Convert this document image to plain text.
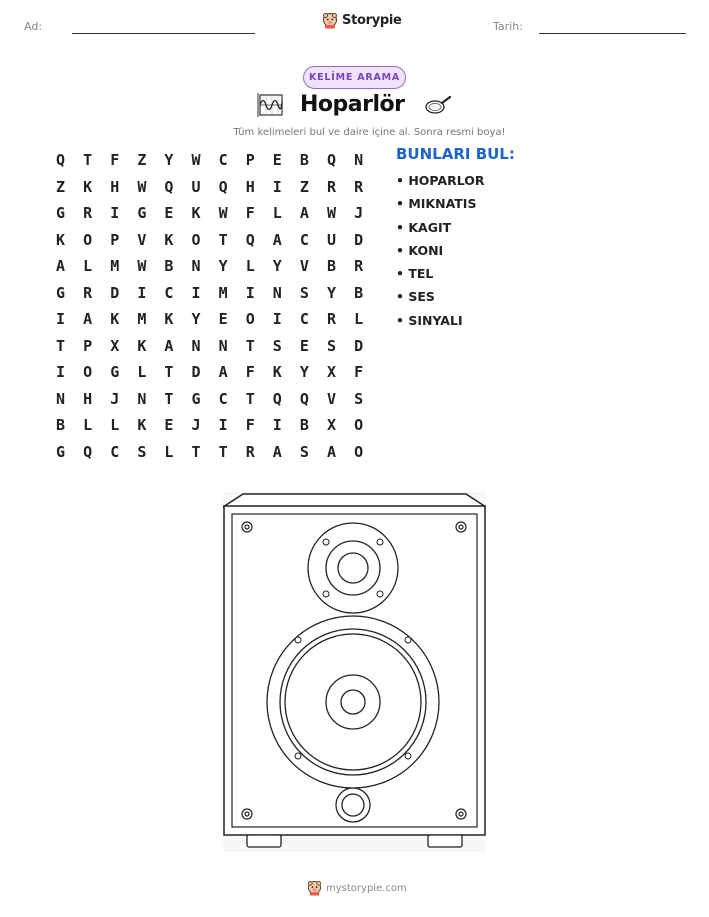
Ad:	Storypie	Tarih:
KELİME ARAMA
Hoparlör
Tüm kelimeleri bul ve daire içine al. Sonra resmi boya!
Q	T	F	Z	Y	W	C	P	E	B	Q	N
Z	K	H	W	Q	U	Q	H	I	Z	R	R
G	R	I	G	E	K	W	F	L	A	W	J
K	O	P	V	K	O	T	Q	A	C	U	D
A	L	M	W	B	N	Y	L	Y	V	B	R
G	R	D	I	C	I	M	I	N	S	Y	B
I	A	K	M	K	Y	E	O	I	C	R	L
T	P	X	K	A	N	N	T	S	E	S	D
I	O	G	L	T	D	A	F	K	Y	X	F
N	H	J	N	T	G	C	T	Q	Q	V	S
B	L	L	K	E	J	I	F	I	B	X	O
G	Q	C	S	L	T	T	R	A	S	A	O
BUNLARI BUL:
• HOPARLOR
• MIKNATIS
• KAGIT
• KONI
• TEL
• SES
• SINYALI
mystorypie.com
